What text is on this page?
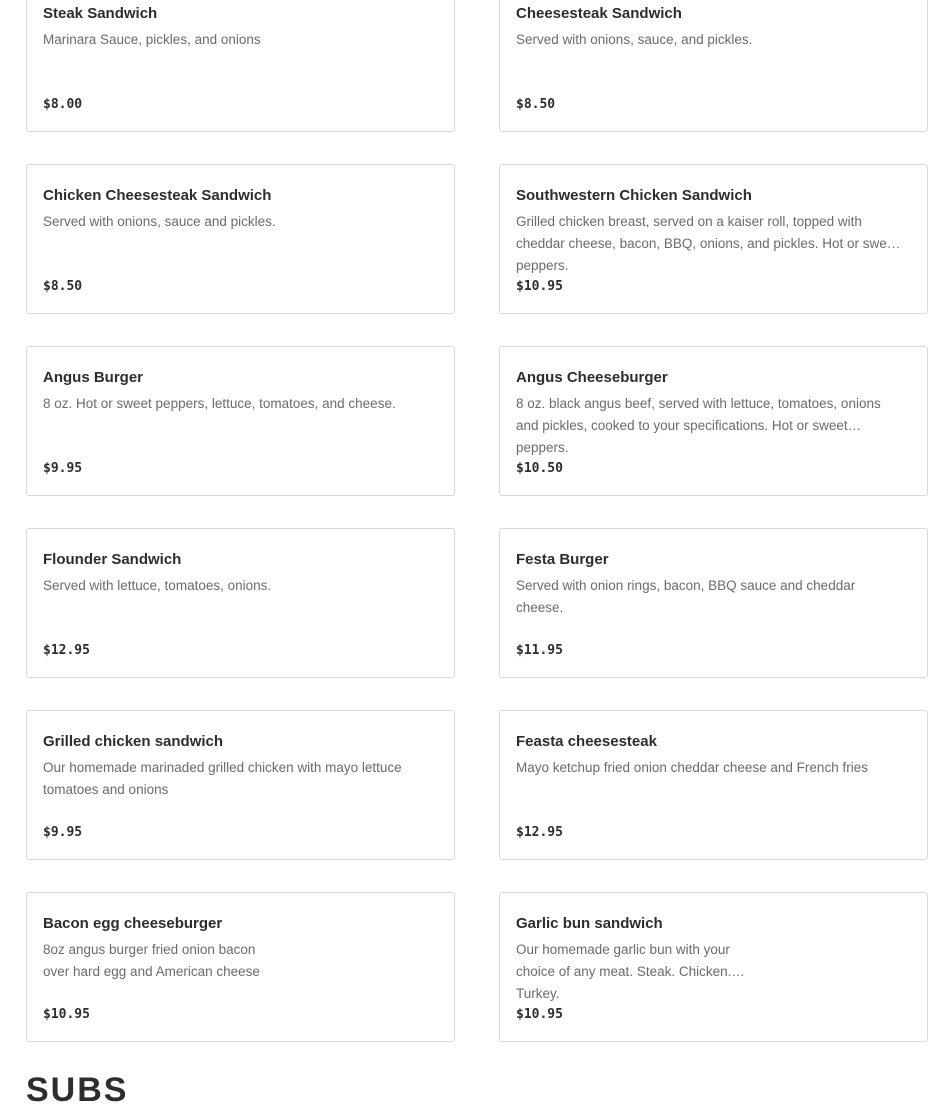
Steak Sandwich
Marinara Sauce, pickles, and onions
$8.00
Cheesesteak Sandwich
Served with onions, sauce, and pickles.
$8.50
Chicken Cheesesteak Sandwich
Served with onions, sauce and pickles.
$8.50
Southwestern Chicken Sandwich
Grilled chicken breast, served on a kaiser roll, topped with cheddar cheese, bacon, BBQ, onions, and pickles. Hot or sweet peppers.
$10.95
Angus Burger
8 oz. Hot or sweet peppers, lettuce, tomatoes, and cheese.
$9.95
Angus Cheeseburger
8 oz. black angus beef, served with lettuce, tomatoes, onions and pickles, cooked to your specifications. Hot or sweet peppers.
$10.50
Flounder Sandwich
Served with lettuce, tomatoes, onions.
$12.95
Festa Burger
Served with onion rings, bacon, BBQ sauce and cheddar cheese.
$11.95
Grilled chicken sandwich
Our homemade marinaded grilled chicken with mayo lettuce tomatoes and onions
$9.95
Feasta cheesesteak
Mayo ketchup fried onion cheddar cheese and French fries
$12.95
Bacon egg cheeseburger
8oz angus burger fried onion bacon over hard egg and American cheese
$10.95
Garlic bun sandwich
Our homemade garlic bun with your choice of any meat. Steak. Chicken. Turkey.
$10.95
SUBS
